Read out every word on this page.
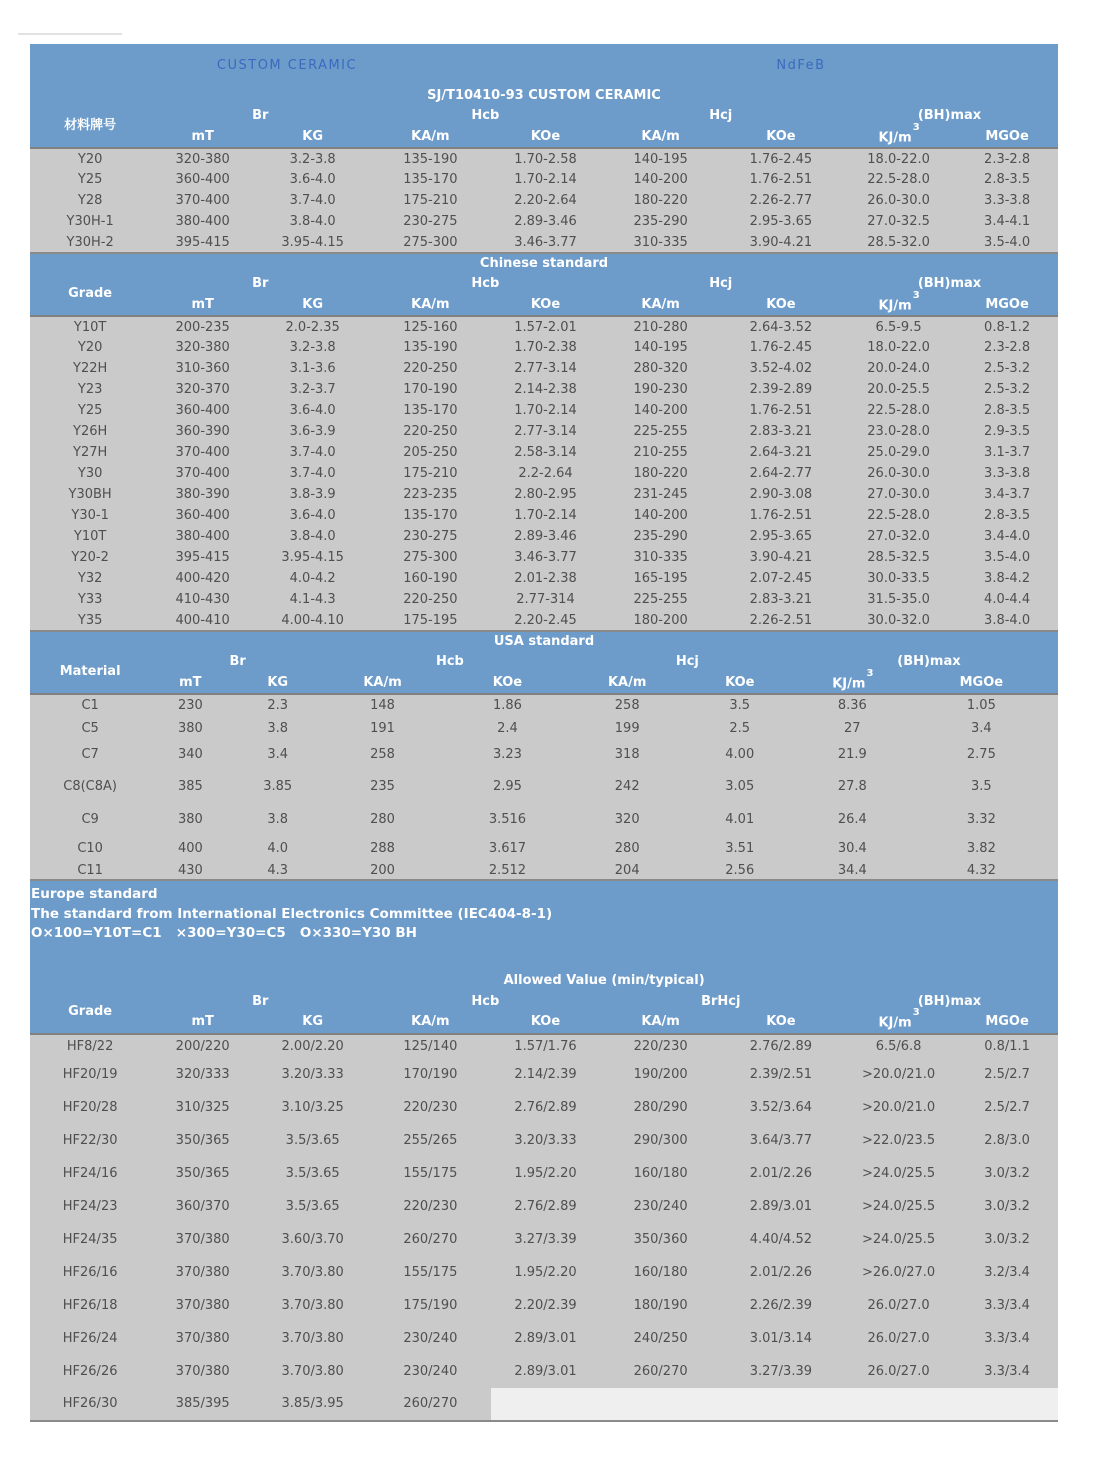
CUSTOM CERAMIC	NdFeB
SJ/T10410-93 CUSTOM CERAMIC								
材料牌号	Br		Hcb		Hcj		(BH)max	
	mT	KG	KA/m	KOe	KA/m	KOe	$KJ/m^3$	MGOe
Y20	320-380	3.2-3.8	135-190	1.70-2.58	140-195	1.76-2.45	18.0-22.0	2.3-2.8
Y25	360-400	3.6-4.0	135-170	1.70-2.14	140-200	1.76-2.51	22.5-28.0	2.8-3.5
Y28	370-400	3.7-4.0	175-210	2.20-2.64	180-220	2.26-2.77	26.0-30.0	3.3-3.8
Y30H-1	380-400	3.8-4.0	230-275	2.89-3.46	235-290	2.95-3.65	27.0-32.5	3.4-4.1
Y30H-2	395-415	3.95-4.15	275-300	3.46-3.77	310-335	3.90-4.21	28.5-32.0	3.5-4.0
Chinese standard								
Grade	Br		Hcb		Hcj		(BH)max	
	mT	KG	KA/m	KOe	KA/m	KOe	$KJ/m^3$	MGOe
Y10T	200-235	2.0-2.35	125-160	1.57-2.01	210-280	2.64-3.52	6.5-9.5	0.8-1.2
Y20	320-380	3.2-3.8	135-190	1.70-2.38	140-195	1.76-2.45	18.0-22.0	2.3-2.8
Y22H	310-360	3.1-3.6	220-250	2.77-3.14	280-320	3.52-4.02	20.0-24.0	2.5-3.2
Y23	320-370	3.2-3.7	170-190	2.14-2.38	190-230	2.39-2.89	20.0-25.5	2.5-3.2
Y25	360-400	3.6-4.0	135-170	1.70-2.14	140-200	1.76-2.51	22.5-28.0	2.8-3.5
Y26H	360-390	3.6-3.9	220-250	2.77-3.14	225-255	2.83-3.21	23.0-28.0	2.9-3.5
Y27H	370-400	3.7-4.0	205-250	2.58-3.14	210-255	2.64-3.21	25.0-29.0	3.1-3.7
Y30	370-400	3.7-4.0	175-210	2.2-2.64	180-220	2.64-2.77	26.0-30.0	3.3-3.8
Y30BH	380-390	3.8-3.9	223-235	2.80-2.95	231-245	2.90-3.08	27.0-30.0	3.4-3.7
Y30-1	360-400	3.6-4.0	135-170	1.70-2.14	140-200	1.76-2.51	22.5-28.0	2.8-3.5
Y10T	380-400	3.8-4.0	230-275	2.89-3.46	235-290	2.95-3.65	27.0-32.0	3.4-4.0
Y20-2	395-415	3.95-4.15	275-300	3.46-3.77	310-335	3.90-4.21	28.5-32.5	3.5-4.0
Y32	400-420	4.0-4.2	160-190	2.01-2.38	165-195	2.07-2.45	30.0-33.5	3.8-4.2
Y33	410-430	4.1-4.3	220-250	2.77-314	225-255	2.83-3.21	31.5-35.0	4.0-4.4
Y35	400-410	4.00-4.10	175-195	2.20-2.45	180-200	2.26-2.51	30.0-32.0	3.8-4.0
USA standard								
Material	Br		Hcb		Hcj		(BH)max	
	mT	KG	KA/m	KOe	KA/m	KOe	$KJ/m^3$	MGOe
C1	230	2.3	148	1.86	258	3.5	8.36	1.05
C5	380	3.8	191	2.4	199	2.5	27	3.4
C7	340	3.4	258	3.23	318	4.00	21.9	2.75
C8(C8A)	385	3.85	235	2.95	242	3.05	27.8	3.5
C9	380	3.8	280	3.516	320	4.01	26.4	3.32
C10	400	4.0	288	3.617	280	3.51	30.4	3.82
C11	430	4.3	200	2.512	204	2.56	34.4	4.32
Europe standard
The standard from International Electronics Committee (IEC404-8-1)
O×100=Y10T=C1   ×300=Y30=C5   O×330=Y30 BH
	Allowed Value (min/typical)							
Grade	Br		Hcb		BrHcj		(BH)max	
	mT	KG	KA/m	KOe	KA/m	KOe	$KJ/m^3$	MGOe
HF8/22	200/220	2.00/2.20	125/140	1.57/1.76	220/230	2.76/2.89	6.5/6.8	0.8/1.1
HF20/19	320/333	3.20/3.33	170/190	2.14/2.39	190/200	2.39/2.51	>20.0/21.0	2.5/2.7
HF20/28	310/325	3.10/3.25	220/230	2.76/2.89	280/290	3.52/3.64	>20.0/21.0	2.5/2.7
HF22/30	350/365	3.5/3.65	255/265	3.20/3.33	290/300	3.64/3.77	>22.0/23.5	2.8/3.0
HF24/16	350/365	3.5/3.65	155/175	1.95/2.20	160/180	2.01/2.26	>24.0/25.5	3.0/3.2
HF24/23	360/370	3.5/3.65	220/230	2.76/2.89	230/240	2.89/3.01	>24.0/25.5	3.0/3.2
HF24/35	370/380	3.60/3.70	260/270	3.27/3.39	350/360	4.40/4.52	>24.0/25.5	3.0/3.2
HF26/16	370/380	3.70/3.80	155/175	1.95/2.20	160/180	2.01/2.26	>26.0/27.0	3.2/3.4
HF26/18	370/380	3.70/3.80	175/190	2.20/2.39	180/190	2.26/2.39	26.0/27.0	3.3/3.4
HF26/24	370/380	3.70/3.80	230/240	2.89/3.01	240/250	3.01/3.14	26.0/27.0	3.3/3.4
HF26/26	370/380	3.70/3.80	230/240	2.89/3.01	260/270	3.27/3.39	26.0/27.0	3.3/3.4
HF26/30	385/395	3.85/3.95	260/270					
